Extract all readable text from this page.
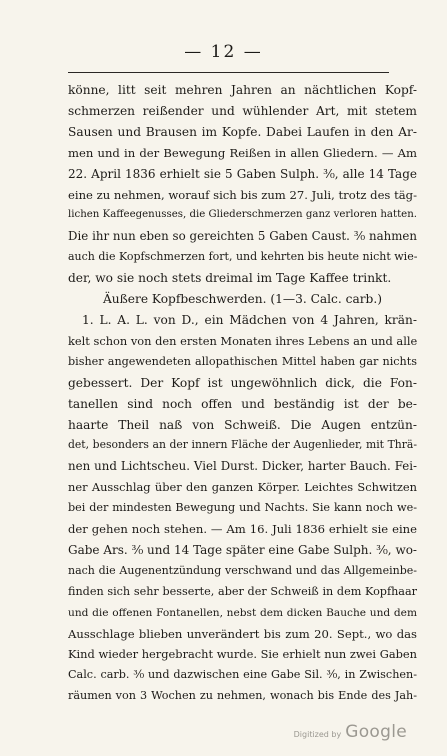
— 12 —
könne, litt seit mehren Jahren an nächtlichen Kopf-
schmerzen reißender und wühlender Art, mit stetem
Sausen und Brausen im Kopfe. Dabei Laufen in den Ar-
men und in der Bewegung Reißen in allen Gliedern. — Am
22. April 1836 erhielt sie 5 Gaben Sulph. ³⁄₀, alle 14 Tage
eine zu nehmen, worauf sich bis zum 27. Juli, trotz des täg-
lichen Kaffeegenusses, die Gliederschmerzen ganz verloren hatten.
Die ihr nun eben so gereichten 5 Gaben Caust. ³⁄₀ nahmen
auch die Kopfschmerzen fort, und kehrten bis heute nicht wie-
der, wo sie noch stets dreimal im Tage Kaffee trinkt.
Äußere Kopfbeschwerden. (1—3. Calc. carb.)
1. L. A. L. von D., ein Mädchen von 4 Jahren, krän-
kelt schon von den ersten Monaten ihres Lebens an und alle
bisher angewendeten allopathischen Mittel haben gar nichts
gebessert. Der Kopf ist ungewöhnlich dick, die Fon-
tanellen sind noch offen und beständig ist der be-
haarte Theil naß von Schweiß. Die Augen entzün-
det, besonders an der innern Fläche der Augenlieder, mit Thrä-
nen und Lichtscheu. Viel Durst. Dicker, harter Bauch. Fei-
ner Ausschlag über den ganzen Körper. Leichtes Schwitzen
bei der mindesten Bewegung und Nachts. Sie kann noch we-
der gehen noch stehen. — Am 16. Juli 1836 erhielt sie eine
Gabe Ars. ³⁄₀ und 14 Tage später eine Gabe Sulph. ³⁄₀, wo-
nach die Augenentzündung verschwand und das Allgemeinbe-
finden sich sehr besserte, aber der Schweiß in dem Kopfhaar
und die offenen Fontanellen, nebst dem dicken Bauche und dem
Ausschlage blieben unverändert bis zum 20. Sept., wo das
Kind wieder hergebracht wurde. Sie erhielt nun zwei Gaben
Calc. carb. ³⁄₀ und dazwischen eine Gabe Sil. ³⁄₀, in Zwischen-
räumen von 3 Wochen zu nehmen, wonach bis Ende des Jah-
Digitized by Google
